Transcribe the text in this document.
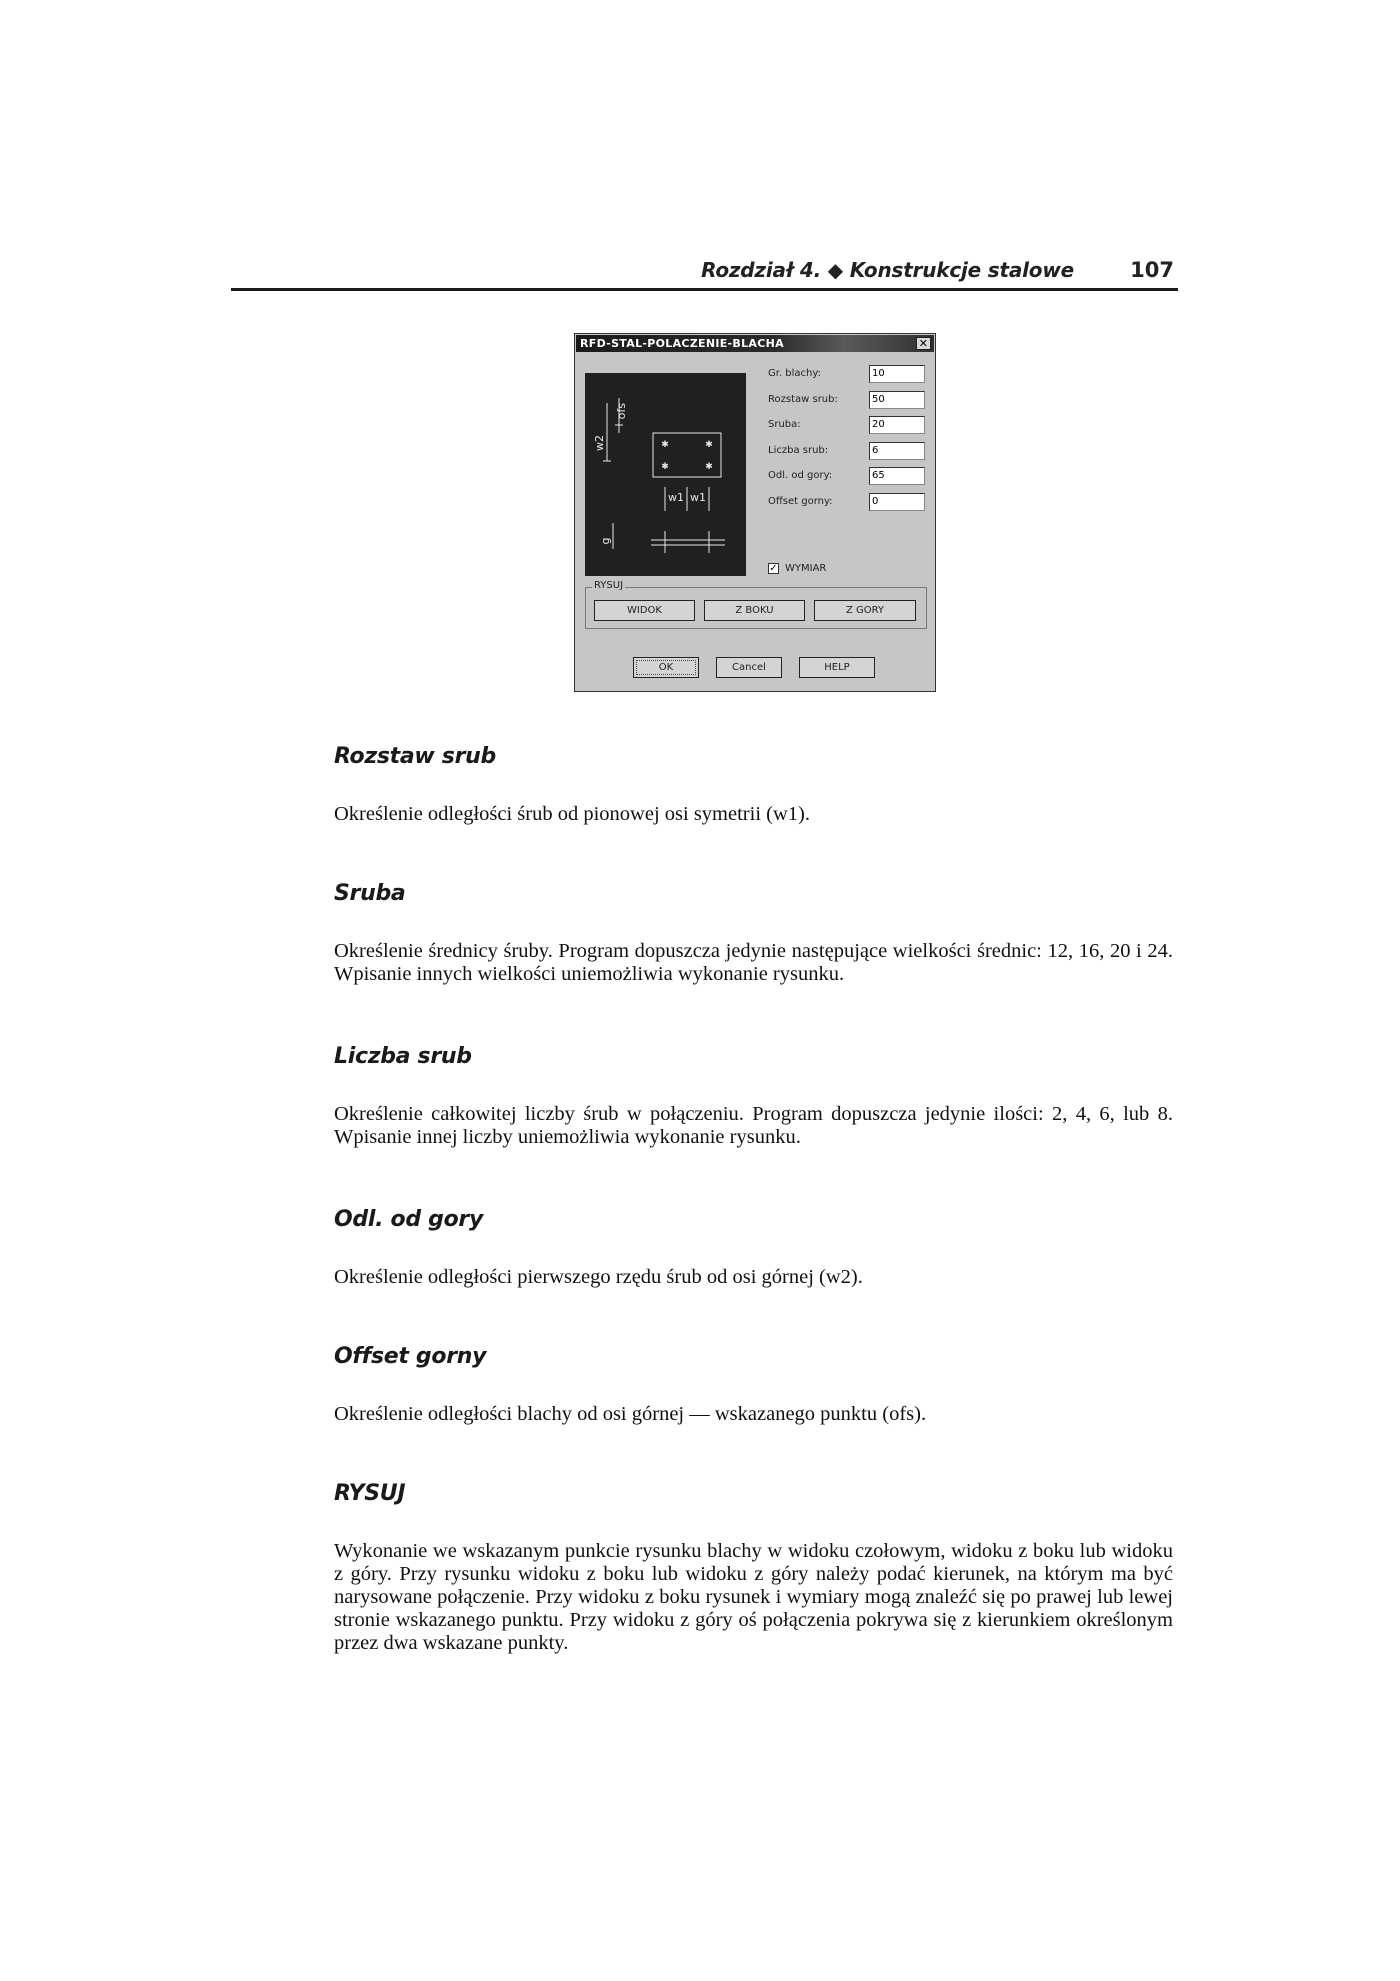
Rozdział 4. ◆ Konstrukcje stalowe	107
RFD-STAL-POLACZENIE-BLACHA	✕
✱	✱
✱	✱
ofs
w2
w1 w1
g
Gr. blachy:	10
Rozstaw srub:	50
Sruba:	20
Liczba srub:	6
Odl. od gory:	65
Offset gorny:	0
✓ WYMIAR
RYSUJ
WIDOK	Z BOKU	Z GORY
OK	Cancel	HELP
Rozstaw srub
Określenie odległości śrub od pionowej osi symetrii (w1).
Sruba
Określenie średnicy śruby. Program dopuszcza jedynie następujące wielkości średnic: 12, 16, 20 i 24. Wpisanie innych wielkości uniemożliwia wykonanie rysunku.
Liczba srub
Określenie całkowitej liczby śrub w połączeniu. Program dopuszcza jedynie ilości: 2, 4, 6, lub 8. Wpisanie innej liczby uniemożliwia wykonanie rysunku.
Odl. od gory
Określenie odległości pierwszego rzędu śrub od osi górnej (w2).
Offset gorny
Określenie odległości blachy od osi górnej — wskazanego punktu (ofs).
RYSUJ
Wykonanie we wskazanym punkcie rysunku blachy w widoku czołowym, widoku z boku lub widoku z góry. Przy rysunku widoku z boku lub widoku z góry należy podać kierunek, na którym ma być narysowane połączenie. Przy widoku z boku rysunek i wymiary mogą znaleźć się po prawej lub lewej stronie wskazanego punktu. Przy widoku z góry oś połączenia pokrywa się z kierunkiem określonym przez dwa wskazane punkty.
